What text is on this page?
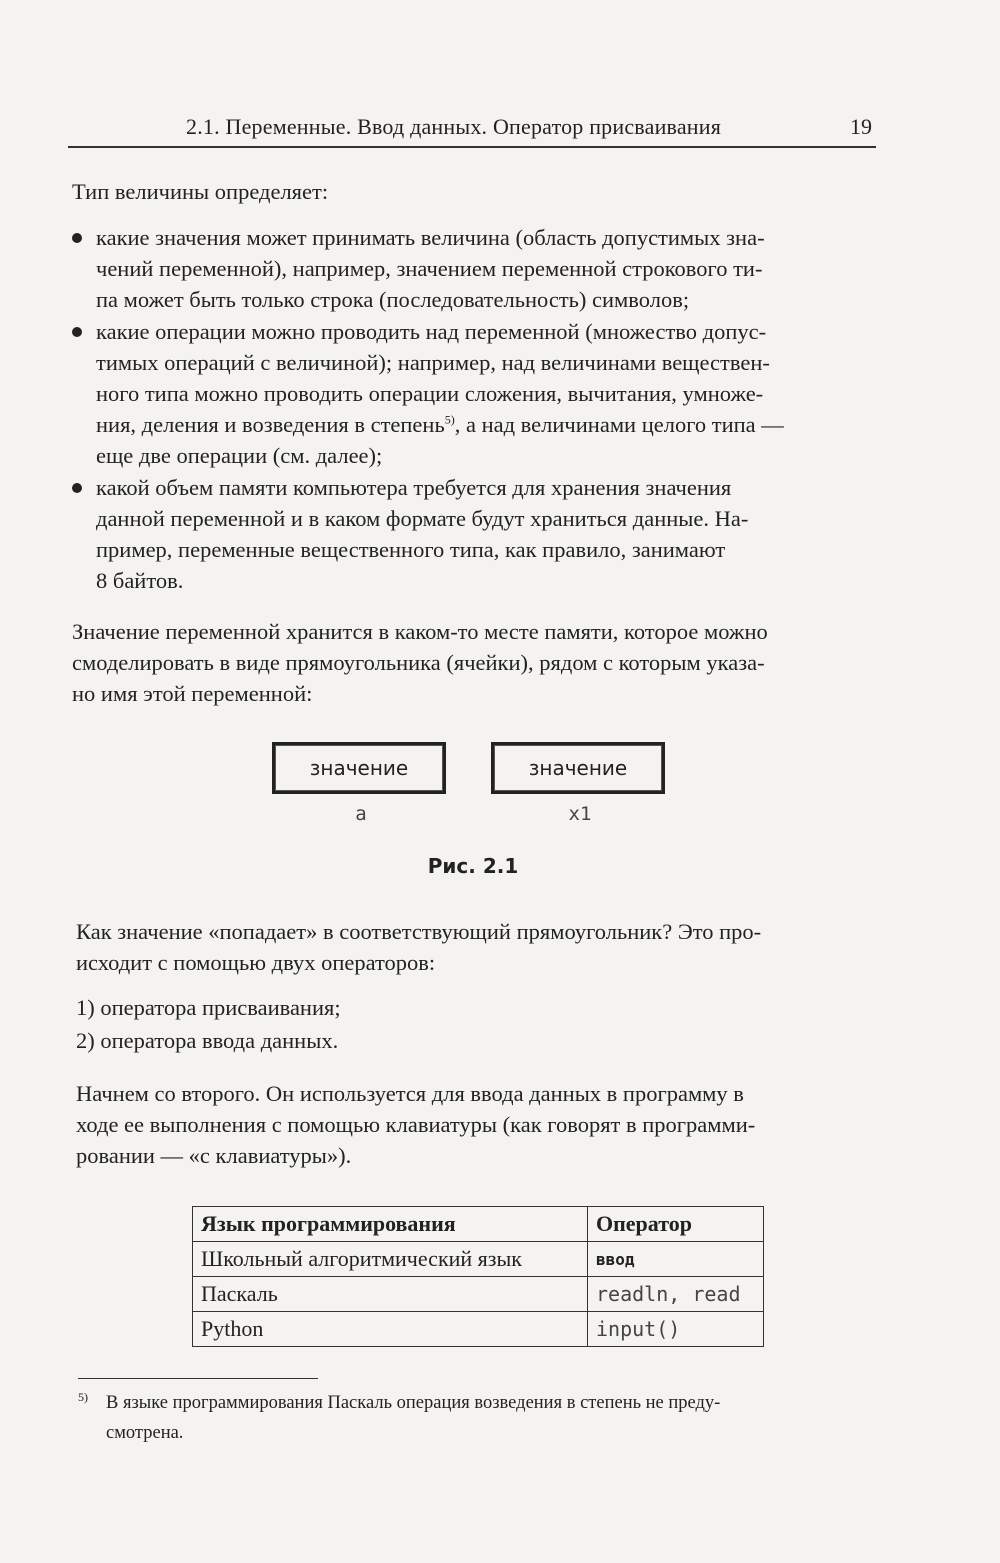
2.1. Переменные. Ввод данных. Оператор присваивания	19
Тип величины определяет:
какие значения может принимать величина (область допустимых зна-
чений переменной), например, значением переменной строкового ти-
па может быть только строка (последовательность) символов;
какие операции можно проводить над переменной (множество допус-
тимых операций с величиной); например, над величинами веществен-
ного типа можно проводить операции сложения, вычитания, умноже-
ния, деления и возведения в степень$^{5)}$, а над величинами целого типа —
еще две операции (см. далее);
какой объем памяти компьютера требуется для хранения значения
данной переменной и в каком формате будут храниться данные. На-
пример, переменные вещественного типа, как правило, занимают
8 байтов.
Значение переменной хранится в каком-то месте памяти, которое можно
смоделировать в виде прямоугольника (ячейки), рядом с которым указа-
но имя этой переменной:
значение
a
значение
x1
Рис. 2.1
Как значение «попадает» в соответствующий прямоугольник? Это про-
исходит с помощью двух операторов:
1) оператора присваивания;
2) оператора ввода данных.
Начнем со второго. Он используется для ввода данных в программу в
ходе ее выполнения с помощью клавиатуры (как говорят в программи-
ровании — «с клавиатуры»).
Язык программирования	Оператор
Школьный алгоритмический язык	ввод
Паскаль	readln, read
Python	input()
5) В языке программирования Паскаль операция возведения в степень не преду-
смотрена.
